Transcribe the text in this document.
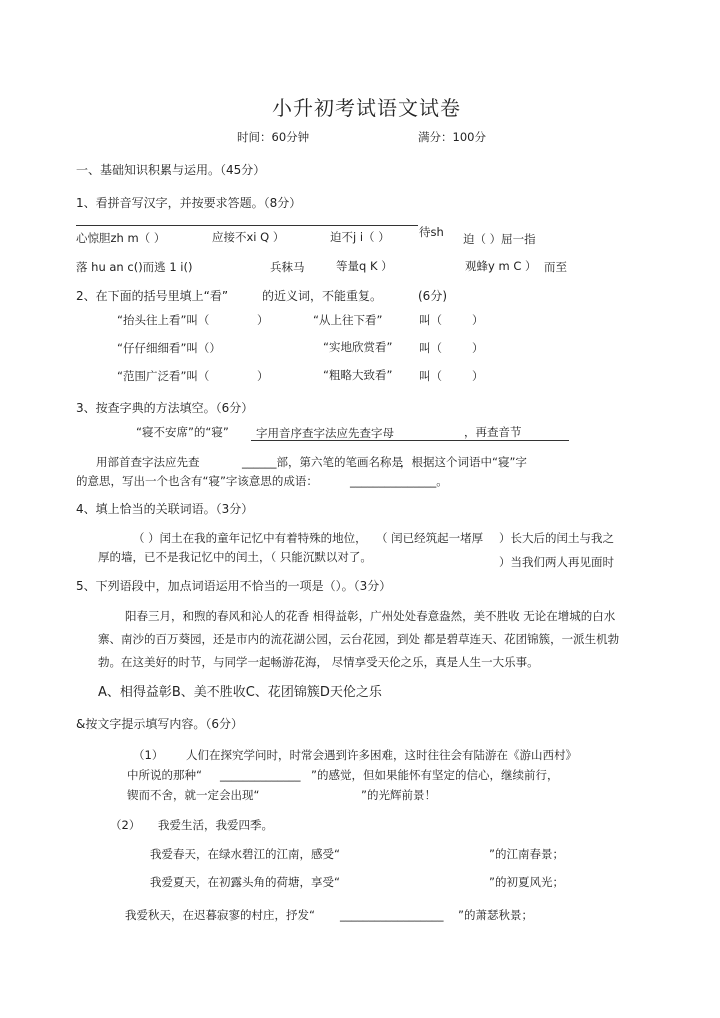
小升初考试语文试卷
时间：60分钟	满分：100分
一、基础知识积累与运用。（45分）
1、看拼音写汉字，并按要求答题。（8分）
心惊胆zh m（ ）	应接不xi Q ）	迫不j i（ ）	待sh 迫（ ）屈一指
落 hu an c()而逃 1 i()	兵秣马	等量q K ）	观蜂y m C ） 而至
2、在下面的括号里填上“看”	的近义词，不能重复。	(6分)
“抬头往上看”叫（	）	“从上往下看”	叫（	）
“仔仔细细看”叫（）	“实地欣赏看” 叫（	）
“范围广泛看”叫（	）	“粗略大致看” 叫（	）
3、按查字典的方法填空。（6分）
“寝不安席”的“寝” 字用音序查字法应先查字母	，再查音节
用部首查字法应先查	______部，第六笔的笔画名称是
，根据这个词语中“寝”字
的意思，写出一个也含有“寝”字该意思的成语：	_______________。
4、填上恰当的关联词语。（3分）
（ ）闰土在我的童年记忆中有着特殊的地位， （ 闰已经筑起一堵厚 ）长大后的闰土与我之
厚的墙，已不是我记忆中的闰土，（ 只能沉默以对了。	）当我们两人再见面时
5、下列语段中，加点词语运用不恰当的一项是（）。（3分）
阳春三月，和煦的春风和沁人的花香 相得益彰，广州处处春意盎然，美不胜收 无论在增城的白水
寨、南沙的百万葵园，还是市内的流花湖公园，云台花园，到处 都是碧草连天、花团锦簇，一派生机勃
勃。在这美好的时节，与同学一起畅游花海， 尽情享受天伦之乐，真是人生一大乐事。
A、相得益彰B、美不胜收C、花团锦簇D天伦之乐
&按文字提示填写内容。（6分）
（1） 人们在探究学问时，时常会遇到许多困难，这时往往会有陆游在《游山西村》
中所说的那种“ ______________ ”的感觉，但如果能怀有坚定的信心，继续前行，
锲而不舍，就一定会出现“	”的光辉前景！
（2） 我爱生活，我爱四季。
我爱春天，在绿水碧江的江南，感受“	”的江南春景；
我爱夏天，在初露头角的荷塘，享受“	”的初夏风光；
我爱秋天，在迟暮寂寥的村庄，抒发“ __________________ ”的萧瑟秋景；
